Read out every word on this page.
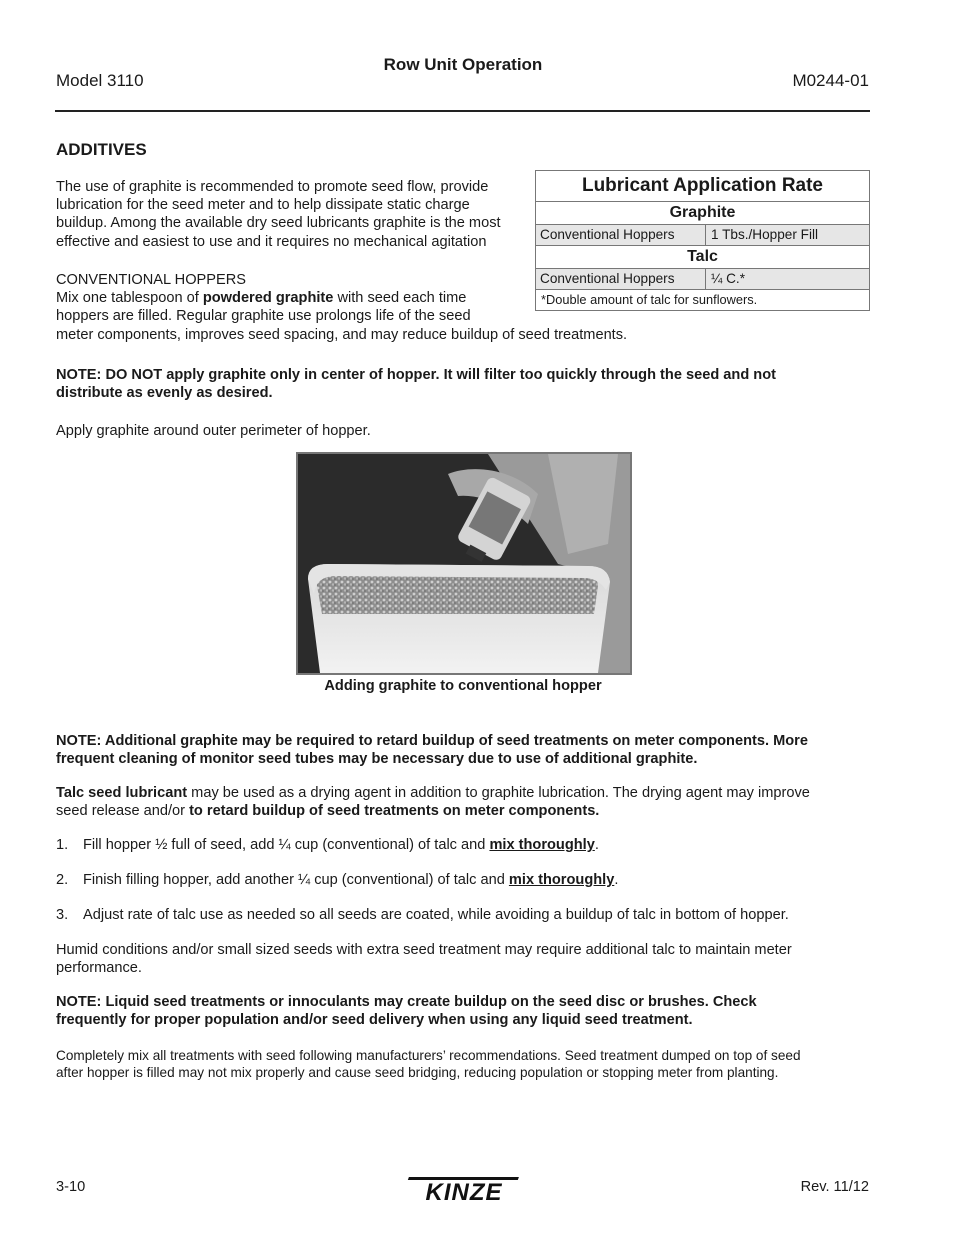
Model 3110
Row Unit Operation
M0244-01
ADDITIVES
The use of graphite is recommended to promote seed flow, provide
lubrication for the seed meter and to help dissipate static charge
buildup. Among the available dry seed lubricants graphite is the most
effective and easiest to use and it requires no mechanical agitation
CONVENTIONAL HOPPERS
Mix one tablespoon of powdered graphite with seed each time
hoppers are filled. Regular graphite use prolongs life of the seed
meter components, improves seed spacing, and may reduce buildup of seed treatments.
Lubricant Application Rate
Graphite
Conventional Hoppers	1 Tbs./Hopper Fill
Talc
Conventional Hoppers	¼ C.*
*Double amount of talc for sunflowers.
NOTE: DO NOT apply graphite only in center of hopper. It will filter too quickly through the seed and not
distribute as evenly as desired.
Apply graphite around outer perimeter of hopper.
Adding graphite to conventional hopper
NOTE: Additional graphite may be required to retard buildup of seed treatments on meter components. More
frequent cleaning of monitor seed tubes may be necessary due to use of additional graphite.
Talc seed lubricant may be used as a drying agent in addition to graphite lubrication. The drying agent may improve
seed release and/or to retard buildup of seed treatments on meter components.
1. Fill hopper ½ full of seed, add ¼ cup (conventional) of talc and mix thoroughly.
2. Finish filling hopper, add another ¼ cup (conventional) of talc and mix thoroughly.
3. Adjust rate of talc use as needed so all seeds are coated, while avoiding a buildup of talc in bottom of hopper.
Humid conditions and/or small sized seeds with extra seed treatment may require additional talc to maintain meter
performance.
NOTE: Liquid seed treatments or innoculants may create buildup on the seed disc or brushes. Check
frequently for proper population and/or seed delivery when using any liquid seed treatment.
Completely mix all treatments with seed following manufacturers’ recommendations. Seed treatment dumped on top of seed
after hopper is filled may not mix properly and cause seed bridging, reducing population or stopping meter from planting.
3-10	KINZE	Rev. 11/12
